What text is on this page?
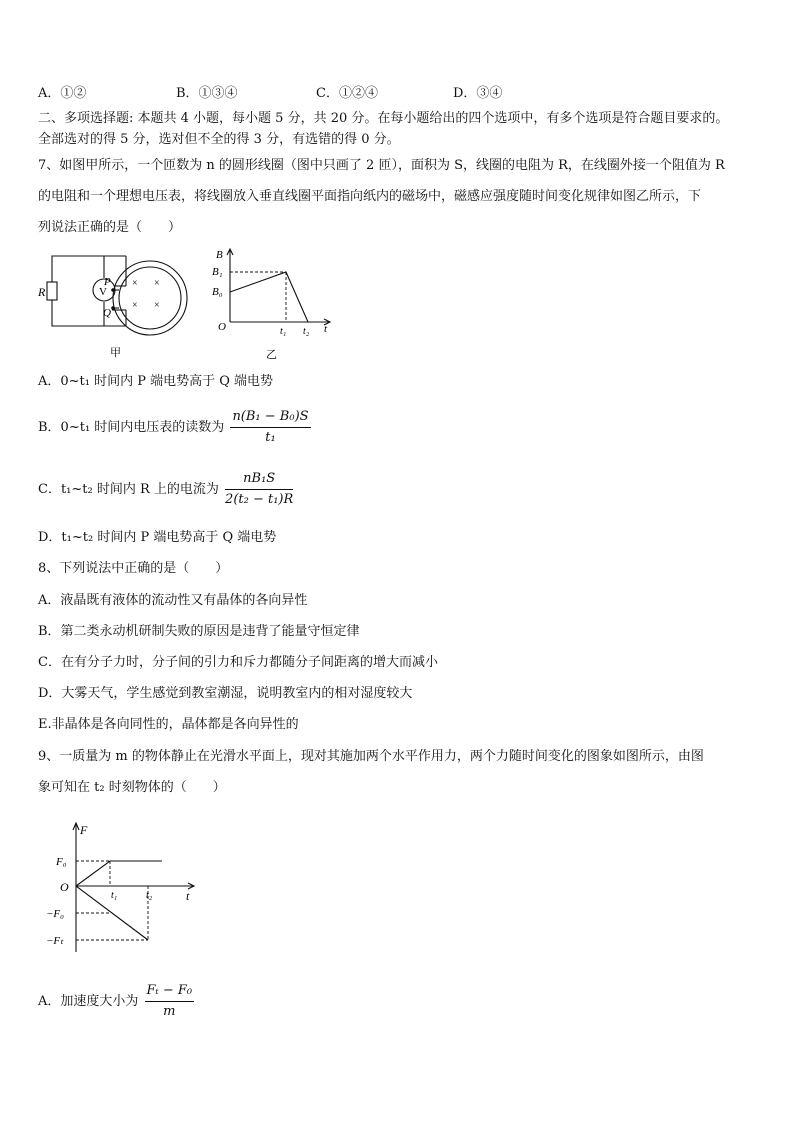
A．①②	B．①③④	C．①②④	D．③④
二、多项选择题: 本题共 4 小题，每小题 5 分，共 20 分。在每小题给出的四个选项中，有多个选项是符合题目要求的。
全部选对的得 5 分，选对但不全的得 3 分，有选错的得 0 分。
7、如图甲所示，一个匝数为 n 的圆形线圈（图中只画了 2 匝），面积为 S，线圈的电阻为 R，在线圈外接一个阻值为 R
的电阻和一个理想电压表，将线圈放入垂直线圈平面指向纸内的磁场中，磁感应强度随时间变化规律如图乙所示，下
列说法正确的是（　　）
R	V
P
Q
× ×
× ×
甲
B
B₁
B₀
O	t₁ t₂ t
乙
A．0~t₁ 时间内 P 端电势高于 Q 端电势
B．0~t₁ 时间内电压表的读数为 $\frac{\text{n(B₁ − B₀)S}}{\text{t₁}}$
C．t₁~t₂ 时间内 R 上的电流为 $\frac{\text{nB₁S}}{\text{2(t₂ − t₁)R}}$
D．t₁~t₂ 时间内 P 端电势高于 Q 端电势
8、下列说法中正确的是（　　）
A．液晶既有液体的流动性又有晶体的各向异性
B．第二类永动机研制失败的原因是违背了能量守恒定律
C．在有分子力时，分子间的引力和斥力都随分子间距离的增大而减小
D．大雾天气，学生感觉到教室潮湿，说明教室内的相对湿度较大
E.非晶体是各向同性的，晶体都是各向异性的
9、一质量为 m 的物体静止在光滑水平面上，现对其施加两个水平作用力，两个力随时间变化的图象如图所示，由图
象可知在 t₂ 时刻物体的（　　）
F
F₀
O
t₁	t₂	t
−F₀
−Fₜ
A．加速度大小为 $\frac{\text{Fₜ − F₀}}{m}$
